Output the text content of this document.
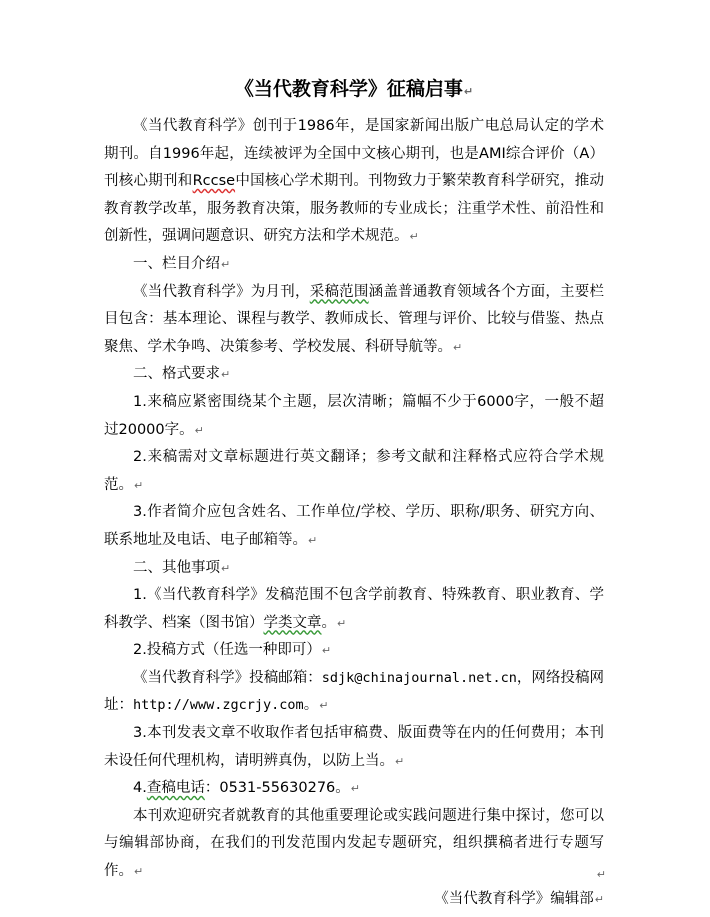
《当代教育科学》征稿启事↵

《当代教育科学》创刊于1986年，是国家新闻出版广电总局认定的学术期刊。自1996年起，连续被评为全国中文核心期刊，也是AMI综合评价（A）刊核心期刊和Rccse中国核心学术期刊。刊物致力于繁荣教育科学研究，推动教育教学改革，服务教育决策，服务教师的专业成长；注重学术性、前沿性和创新性，强调问题意识、研究方法和学术规范。↵

一、栏目介绍↵

《当代教育科学》为月刊，采稿范围涵盖普通教育领域各个方面，主要栏目包含：基本理论、课程与教学、教师成长、管理与评价、比较与借鉴、热点聚焦、学术争鸣、决策参考、学校发展、科研导航等。↵

二、格式要求↵

1.来稿应紧密围绕某个主题，层次清晰；篇幅不少于6000字，一般不超过20000字。↵

2.来稿需对文章标题进行英文翻译；参考文献和注释格式应符合学术规范。↵

3.作者简介应包含姓名、工作单位/学校、学历、职称/职务、研究方向、联系地址及电话、电子邮箱等。↵

二、其他事项↵

1.《当代教育科学》发稿范围不包含学前教育、特殊教育、职业教育、学科教学、档案（图书馆）学类文章。↵

2.投稿方式（任选一种即可）↵

《当代教育科学》投稿邮箱：sdjk@chinajournal.net.cn，网络投稿网址：http://www.zgcrjy.com。↵

3.本刊发表文章不收取作者包括审稿费、版面费等在内的任何费用；本刊未设任何代理机构，请明辨真伪，以防上当。↵

4.查稿电话：0531-55630276。↵

本刊欢迎研究者就教育的其他重要理论或实践问题进行集中探讨，您可以与编辑部协商，在我们的刊发范围内发起专题研究，组织撰稿者进行专题写作。↵

《当代教育科学》编辑部↵

↵
